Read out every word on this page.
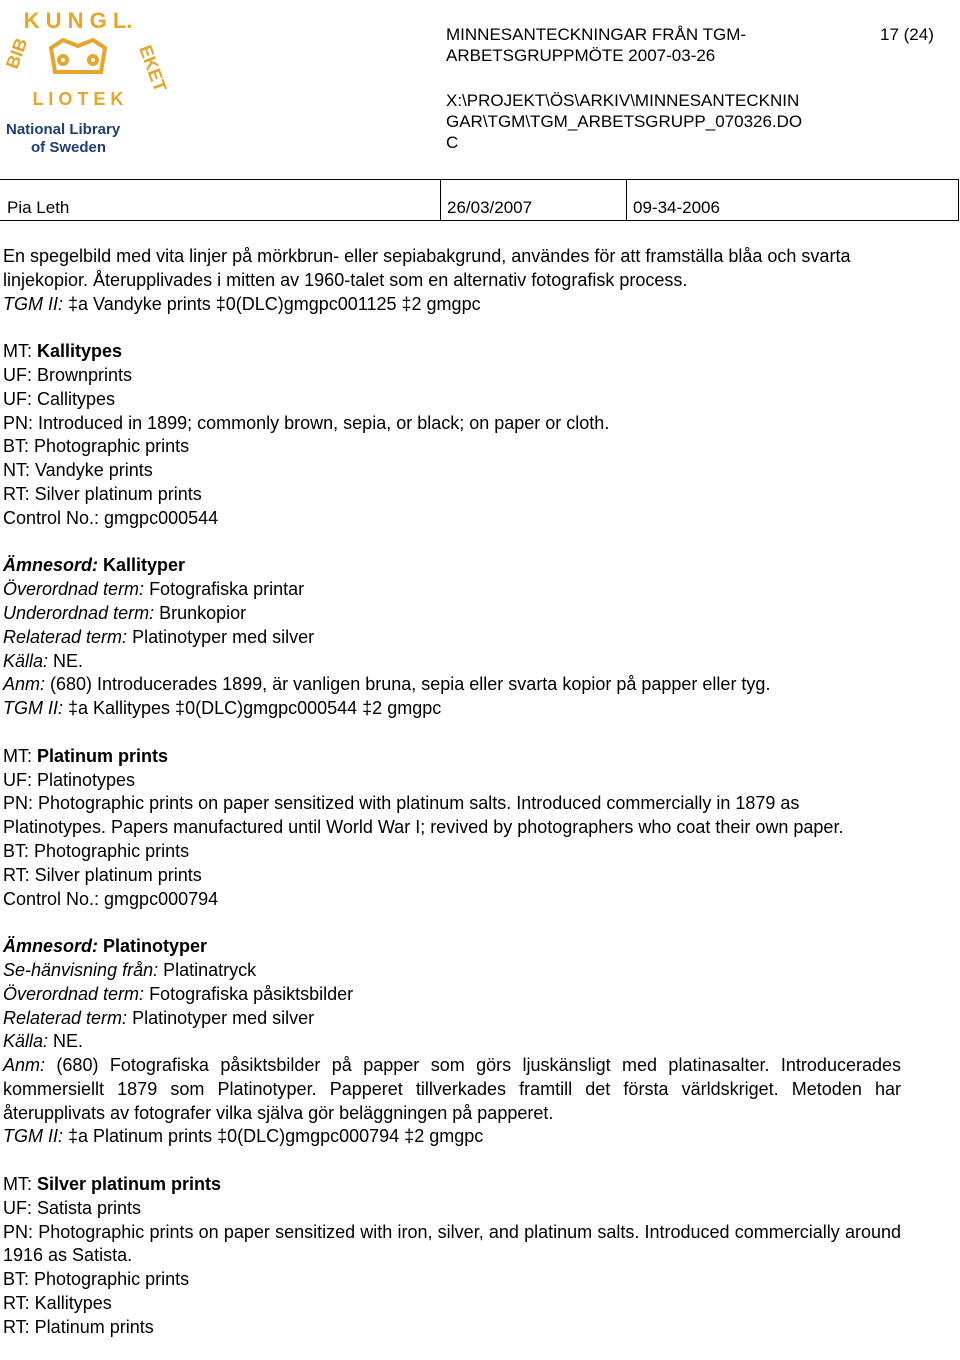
K U N G L.
BIB	EKET
L I O T E K
National Library
of Sweden
MINNESANTECKNINGAR FRÅN TGM-
ARBETSGRUPPMÖTE 2007-03-26
17 (24)
X:\PROJEKT\ÖS\ARKIV\MINNESANTECKNIN
GAR\TGM\TGM_ARBETSGRUPP_070326.DO
C
Pia Leth	26/03/2007	09-34-2006

En spegelbild med vita linjer på mörkbrun- eller sepiabakgrund, användes för att framställa blåa och svarta linjekopior. Återupplivades i mitten av 1960-talet som en alternativ fotografisk process.

TGM II: ‡a Vandyke prints ‡0(DLC)gmgpc001125 ‡2 gmgpc

MT: Kallitypes

UF: Brownprints

UF: Callitypes

PN: Introduced in 1899; commonly brown, sepia, or black; on paper or cloth.

BT: Photographic prints

NT: Vandyke prints

RT: Silver platinum prints

Control No.: gmgpc000544

Ämnesord: Kallityper

Överordnad term: Fotografiska printar

Underordnad term: Brunkopior

Relaterad term: Platinotyper med silver

Källa: NE.

Anm: (680) Introducerades 1899, är vanligen bruna, sepia eller svarta kopior på papper eller tyg.

TGM II: ‡a Kallitypes ‡0(DLC)gmgpc000544 ‡2 gmgpc

MT: Platinum prints

UF: Platinotypes

PN: Photographic prints on paper sensitized with platinum salts. Introduced commercially in 1879 as Platinotypes. Papers manufactured until World War I; revived by photographers who coat their own paper.

BT: Photographic prints

RT: Silver platinum prints

Control No.: gmgpc000794

Ämnesord: Platinotyper

Se-hänvisning från: Platinatryck

Överordnad term: Fotografiska påsiktsbilder

Relaterad term: Platinotyper med silver

Källa: NE.

Anm: (680) Fotografiska påsiktsbilder på papper som görs ljuskänsligt med platinasalter. Introducerades kommersiellt 1879 som Platinotyper. Papperet tillverkades framtill det första världskriget. Metoden har återupplivats av fotografer vilka själva gör beläggningen på papperet.

TGM II: ‡a Platinum prints ‡0(DLC)gmgpc000794 ‡2 gmgpc

MT: Silver platinum prints

UF: Satista prints

PN: Photographic prints on paper sensitized with iron, silver, and platinum salts. Introduced commercially around 1916 as Satista.

BT: Photographic prints

RT: Kallitypes

RT: Platinum prints
